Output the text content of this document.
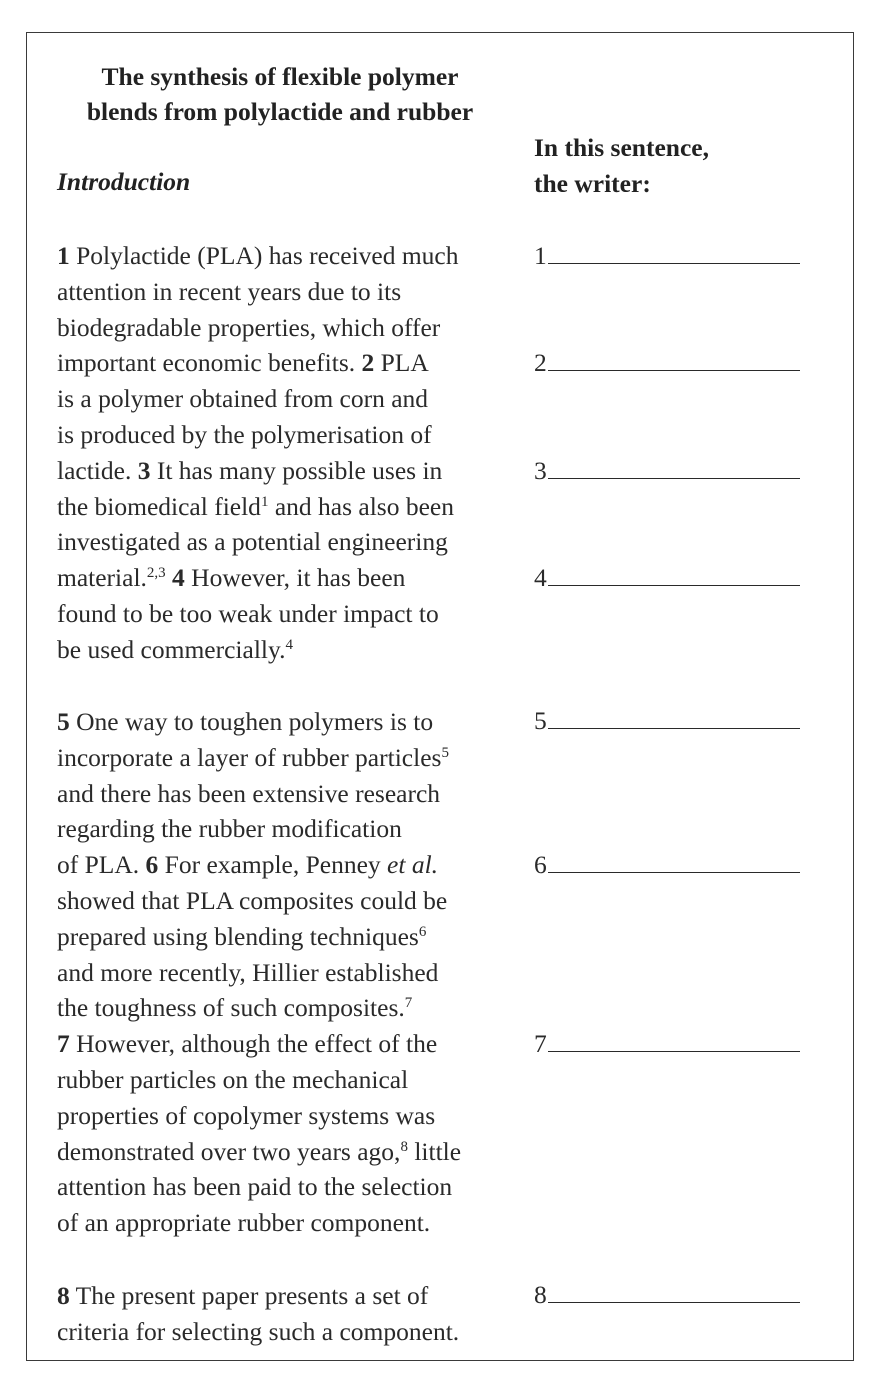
The synthesis of flexible polymer
blends from polylactide and rubber
Introduction
In this sentence,
the writer:
1 Polylactide (PLA) has received much
attention in recent years due to its
biodegradable properties, which offer
important economic benefits. 2 PLA
is a polymer obtained from corn and
is produced by the polymerisation of
lactide. 3 It has many possible uses in
the biomedical field$^1$ and has also been
investigated as a potential engineering
material.$^{2,3}$ 4 However, it has been
found to be too weak under impact to
be used commercially.$^4$
5 One way to toughen polymers is to
incorporate a layer of rubber particles$^5$
and there has been extensive research
regarding the rubber modification
of PLA. 6 For example, Penney et al.
showed that PLA composites could be
prepared using blending techniques$^6$
and more recently, Hillier established
the toughness of such composites.$^7$
7 However, although the effect of the
rubber particles on the mechanical
properties of copolymer systems was
demonstrated over two years ago,$^8$ little
attention has been paid to the selection
of an appropriate rubber component.
8 The present paper presents a set of
criteria for selecting such a component.
1
2
3
4
5
6
7
8
